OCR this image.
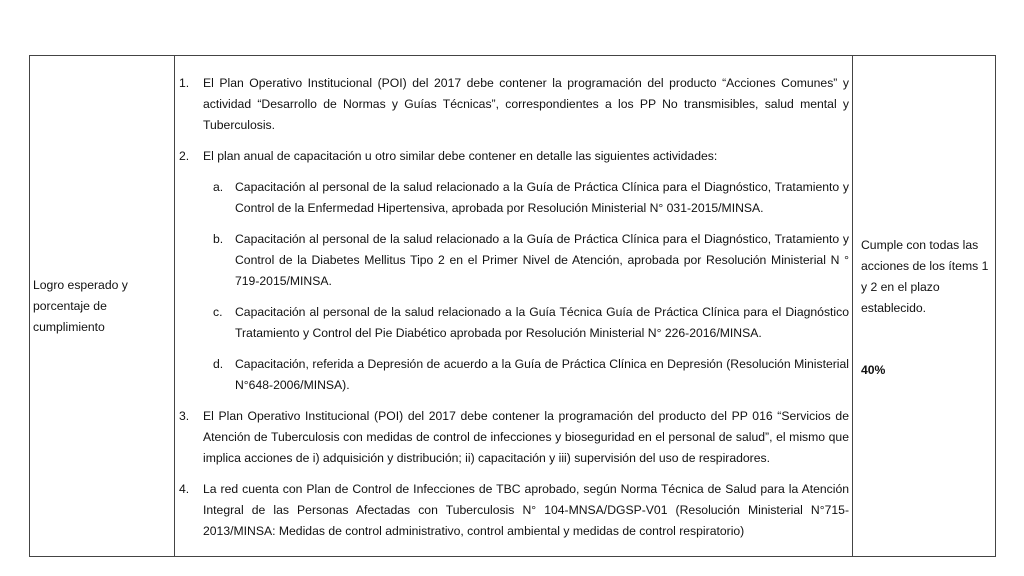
Logro esperado y porcentaje de cumplimiento

1.	El Plan Operativo Institucional (POI) del 2017 debe contener la programación del producto “Acciones Comunes” y actividad “Desarrollo de Normas y Guías Técnicas”, correspondientes a los PP No transmisibles, salud mental y Tuberculosis.
2.	El plan anual de capacitación u otro similar debe contener en detalle las siguientes actividades:
a. Capacitación al personal de la salud relacionado a la Guía de Práctica Clínica para el Diagnóstico, Tratamiento y Control de la Enfermedad Hipertensiva, aprobada por Resolución Ministerial N° 031-2015/MINSA.
b. Capacitación al personal de la salud relacionado a la Guía de Práctica Clínica para el Diagnóstico, Tratamiento y Control de la Diabetes Mellitus Tipo 2 en el Primer Nivel de Atención, aprobada por Resolución Ministerial N ° 719-2015/MINSA.
c.	Capacitación al personal de la salud relacionado a la Guía Técnica Guía de Práctica Clínica para el Diagnóstico Tratamiento y Control del Pie Diabético aprobada por Resolución Ministerial N° 226-2016/MINSA.
d. Capacitación, referida a Depresión de acuerdo a la Guía de Práctica Clínica en Depresión (Resolución Ministerial N°648-2006/MINSA).
3.	El Plan Operativo Institucional (POI) del 2017 debe contener la programación del producto del PP 016 “Servicios de Atención de Tuberculosis con medidas de control de infecciones y bioseguridad en el personal de salud”, el mismo que implica acciones de i) adquisición y distribución; ii) capacitación y iii) supervisión del uso de respiradores.
4.	La red cuenta con Plan de Control de Infecciones de TBC aprobado, según Norma Técnica de Salud para la Atención Integral de las Personas Afectadas con Tuberculosis N° 104-MNSA/DGSP-V01 (Resolución Ministerial N°715-2013/MINSA: Medidas de control administrativo, control ambiental y medidas de control respiratorio)

Cumple con todas las acciones de los ítems 1 y 2 en el plazo establecido.
40%
